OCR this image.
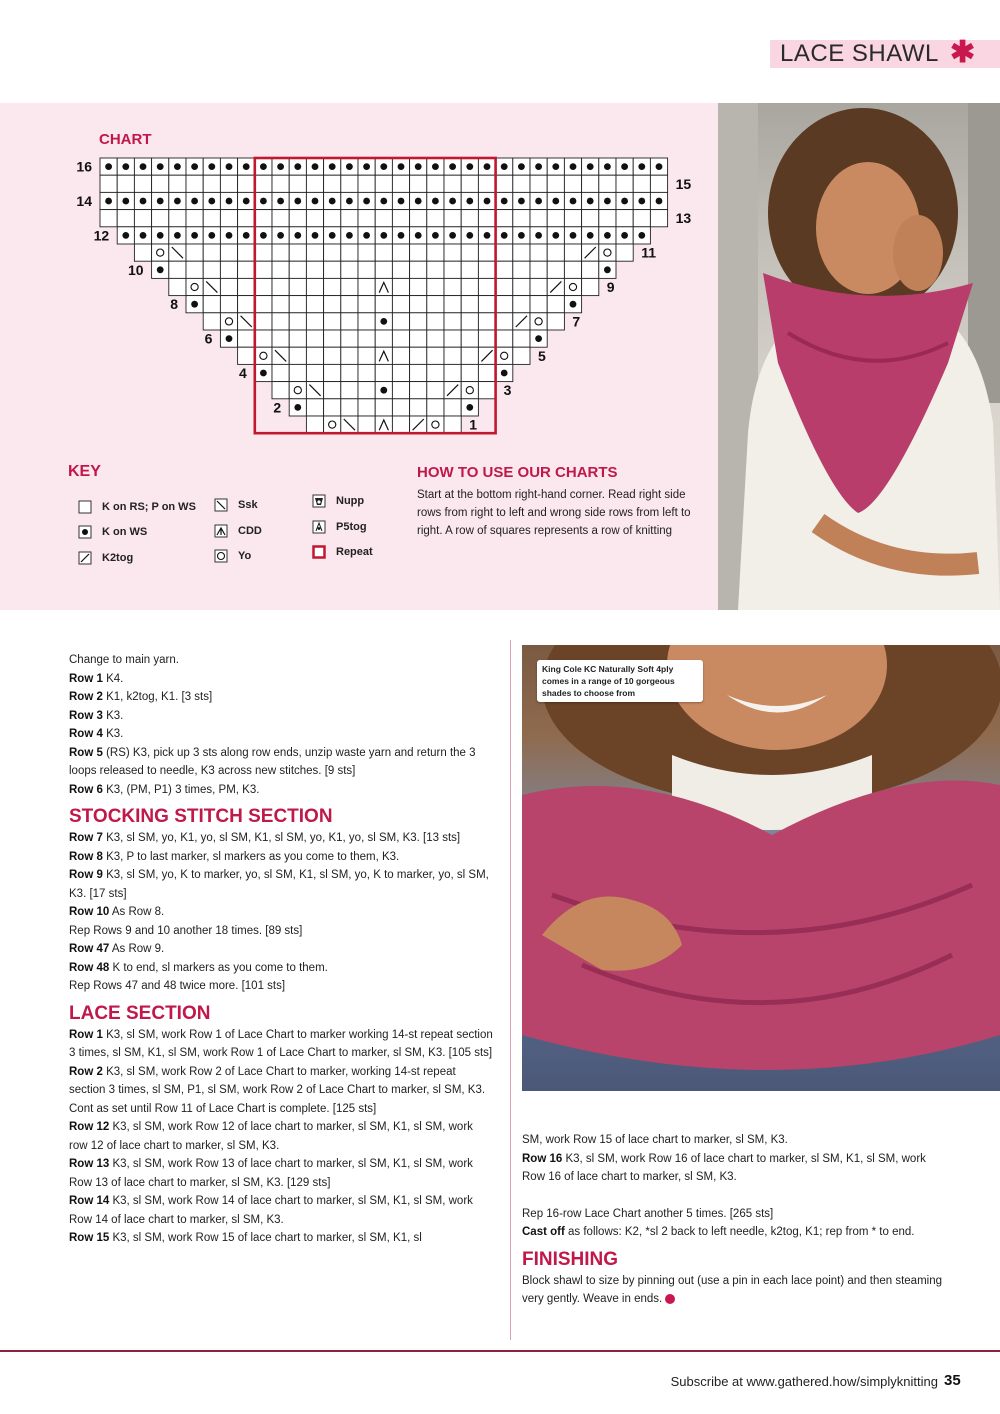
LACE SHAWL ✱
CHART
16
15
14
13
12
11
10
9
8
7
6
5
4
3
2
1
KEY
K on RS; P on WS
K on WS
K2tog
Ssk
CDD
Yo
Nupp
P5tog
Repeat
HOW TO USE OUR CHARTS
Start at the bottom right-hand corner. Read right side rows from right to left and wrong side rows from left to right. A row of squares represents a row of knitting
King Cole KC Naturally Soft 4ply comes in a range of 10 gorgeous shades to choose from

Change to main yarn.

Row 1 K4.

Row 2 K1, k2tog, K1. [3 sts]

Row 3 K3.

Row 4 K3.

Row 5 (RS) K3, pick up 3 sts along row ends, unzip waste yarn and return the 3 loops released to needle, K3 across new stitches. [9 sts]

Row 6 K3, (PM, P1) 3 times, PM, K3.

STOCKING STITCH SECTION

Row 7 K3, sl SM, yo, K1, yo, sl SM, K1, sl SM, yo, K1, yo, sl SM, K3. [13 sts]

Row 8 K3, P to last marker, sl markers as you come to them, K3.

Row 9 K3, sl SM, yo, K to marker, yo, sl SM, K1, sl SM, yo, K to marker, yo, sl SM, K3. [17 sts]

Row 10 As Row 8.

Rep Rows 9 and 10 another 18 times. [89 sts]

Row 47 As Row 9.

Row 48 K to end, sl markers as you come to them.

Rep Rows 47 and 48 twice more. [101 sts]

LACE SECTION

Row 1 K3, sl SM, work Row 1 of Lace Chart to marker working 14-st repeat section 3 times, sl SM, K1, sl SM, work Row 1 of Lace Chart to marker, sl SM, K3. [105 sts]

Row 2 K3, sl SM, work Row 2 of Lace Chart to marker, working 14-st repeat section 3 times, sl SM, P1, sl SM, work Row 2 of Lace Chart to marker, sl SM, K3.

Cont as set until Row 11 of Lace Chart is complete. [125 sts]

Row 12 K3, sl SM, work Row 12 of lace chart to marker, sl SM, K1, sl SM, work row 12 of lace chart to marker, sl SM, K3.

Row 13 K3, sl SM, work Row 13 of lace chart to marker, sl SM, K1, sl SM, work Row 13 of lace chart to marker, sl SM, K3. [129 sts]

Row 14 K3, sl SM, work Row 14 of lace chart to marker, sl SM, K1, sl SM, work Row 14 of lace chart to marker, sl SM, K3.

Row 15 K3, sl SM, work Row 15 of lace chart to marker, sl SM, K1, sl

SM, work Row 15 of lace chart to marker, sl SM, K3.

Row 16 K3, sl SM, work Row 16 of lace chart to marker, sl SM, K1, sl SM, work Row 16 of lace chart to marker, sl SM, K3.

Rep 16-row Lace Chart another 5 times. [265 sts]

Cast off as follows: K2, *sl 2 back to left needle, k2tog, K1; rep from * to end.

FINISHING

Block shawl to size by pinning out (use a pin in each lace point) and then steaming very gently. Weave in ends.

Subscribe at www.gathered.how/simplyknitting 35
